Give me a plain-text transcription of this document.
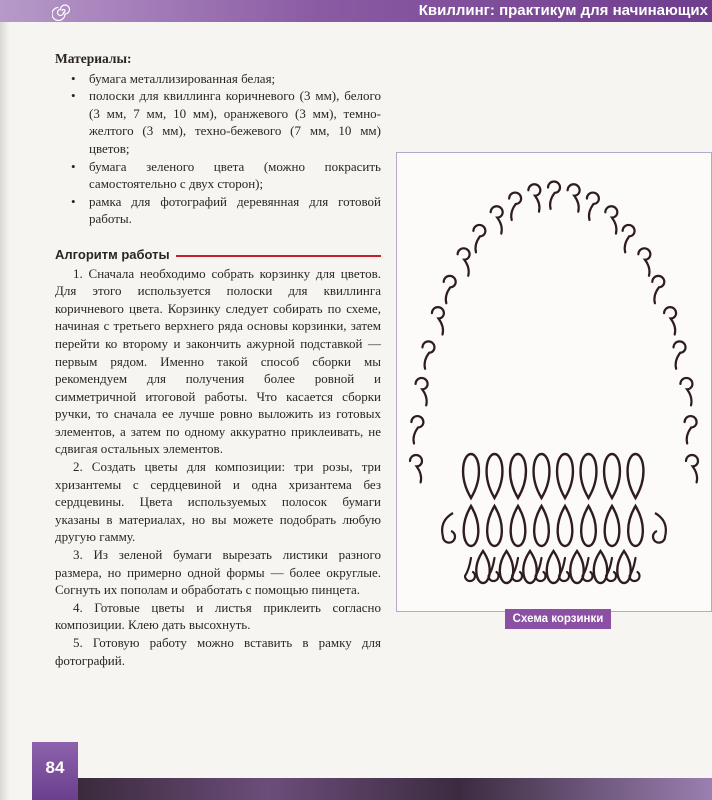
Квиллинг: практикум для начинающих
Материалы:
• бумага металлизированная белая;
• полоски для квиллинга коричневого (3 мм), белого (3 мм, 7 мм, 10 мм), оранжевого (3 мм), темно-желтого (3 мм), техно-бежевого (7 мм, 10 мм) цветов;
• бумага зеленого цвета (можно покрасить самостоятельно с двух сторон);
• рамка для фотографий деревянная для готовой работы.
Алгоритм работы

1. Сначала необходимо собрать корзинку для цветов. Для этого используется полоски для квиллинга коричневого цвета. Корзинку следует собирать по схеме, начиная с третьего верхнего ряда основы корзинки, затем перейти ко второму и закончить ажурной подставкой — первым рядом. Именно такой способ сборки мы рекомендуем для получения более ровной и симметричной итоговой работы. Что касается сборки ручки, то сначала ее лучше ровно выложить из готовых элементов, а затем по одному аккуратно приклеивать, не сдвигая остальных элементов.

2. Создать цветы для композиции: три розы, три хризантемы с сердцевиной и одна хризантема без сердцевины. Цвета используемых полосок бумаги указаны в материалах, но вы можете подобрать любую другую гамму.

3. Из зеленой бумаги вырезать листики разного размера, но примерно одной формы — более округлые. Согнуть их пополам и обработать с помощью пинцета.

4. Готовые цветы и листья приклеить согласно композиции. Клею дать высохнуть.

5. Готовую работу можно вставить в рамку для фотографий.

Схема корзинки
84
